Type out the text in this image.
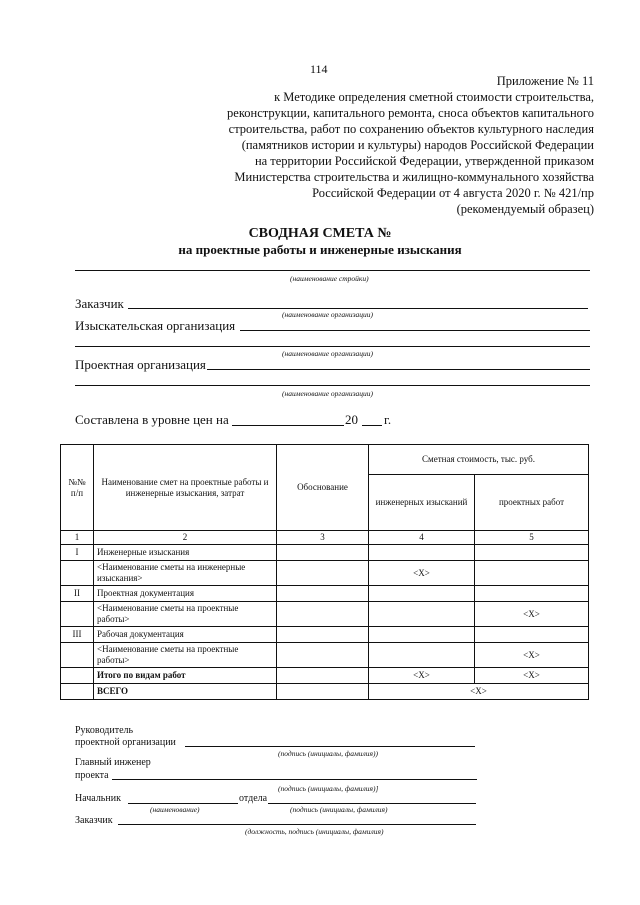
114
Приложение № 11
к Методике определения сметной стоимости строительства,
реконструкции, капитального ремонта, сноса объектов капитального
строительства, работ по сохранению объектов культурного наследия
(памятников истории и культуры) народов Российской Федерации
на территории Российской Федерации, утвержденной приказом
Министерства строительства и жилищно-коммунального хозяйства
Российской Федерации от 4 августа 2020 г. № 421/пр
(рекомендуемый образец)
СВОДНАЯ СМЕТА №
на проектные работы и инженерные изыскания
(наименование стройки)
Заказчик
(наименование организации)
Изыскательская организация
(наименование организации)
Проектная организация
(наименование организации)
Составлена в уровне цен на	20 г.
№№ п/п	Наименование смет на проектные работы и инженерные изыскания, затрат	Обоснование	Сметная стоимость, тыс. руб.	
			инженерных изысканий	проектных работ
1	2	3	4	5
I	Инженерные изыскания			
	<Наименование сметы на инженерные изыскания>		<X>	
II	Проектная документация			
	<Наименование сметы на проектные работы>			<X>
III	Рабочая документация			
	<Наименование сметы на проектные работы>			<X>
	Итого по видам работ		<X>	<X>
	ВСЕГО		<X>	
Руководитель
проектной организации
(подпись (инициалы, фамилия))
Главный инженер
проекта
(подпись (инициалы, фамилия)]
Начальник	отдела
(наименование)	(подпись (инициалы, фамилия)
Заказчик
(должность, подпись (инициалы, фамилия)
